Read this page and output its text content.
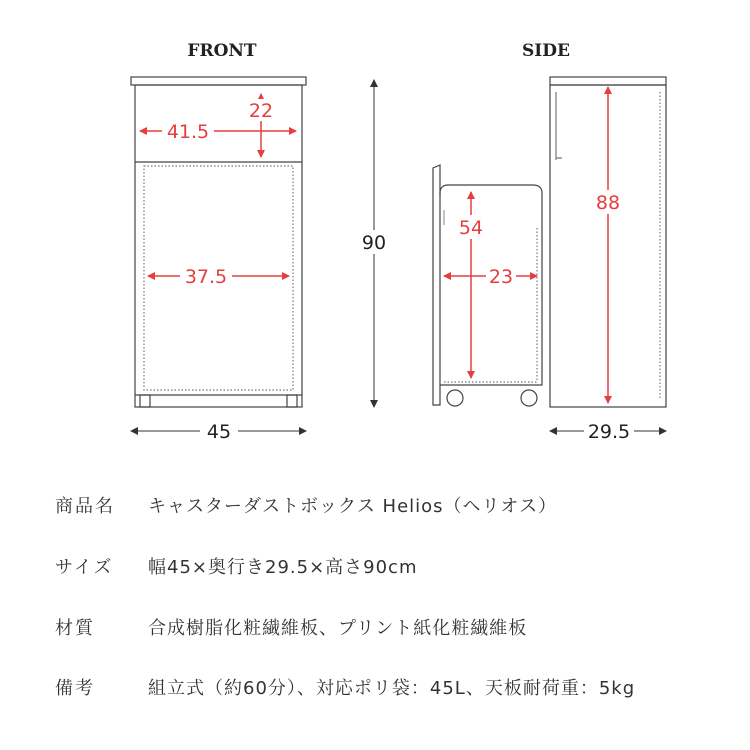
FRONT	SIDE
22
41.5
37.5
45
90
54
23
88
29.5
商品名	キャスターダストボックス Helios（ヘリオス）
サイズ	幅45×奥行き29.5×高さ90cm
材質	合成樹脂化粧繊維板、プリント紙化粧繊維板
備考	組立式（約60分）、対応ポリ袋：45L、天板耐荷重：5kg
